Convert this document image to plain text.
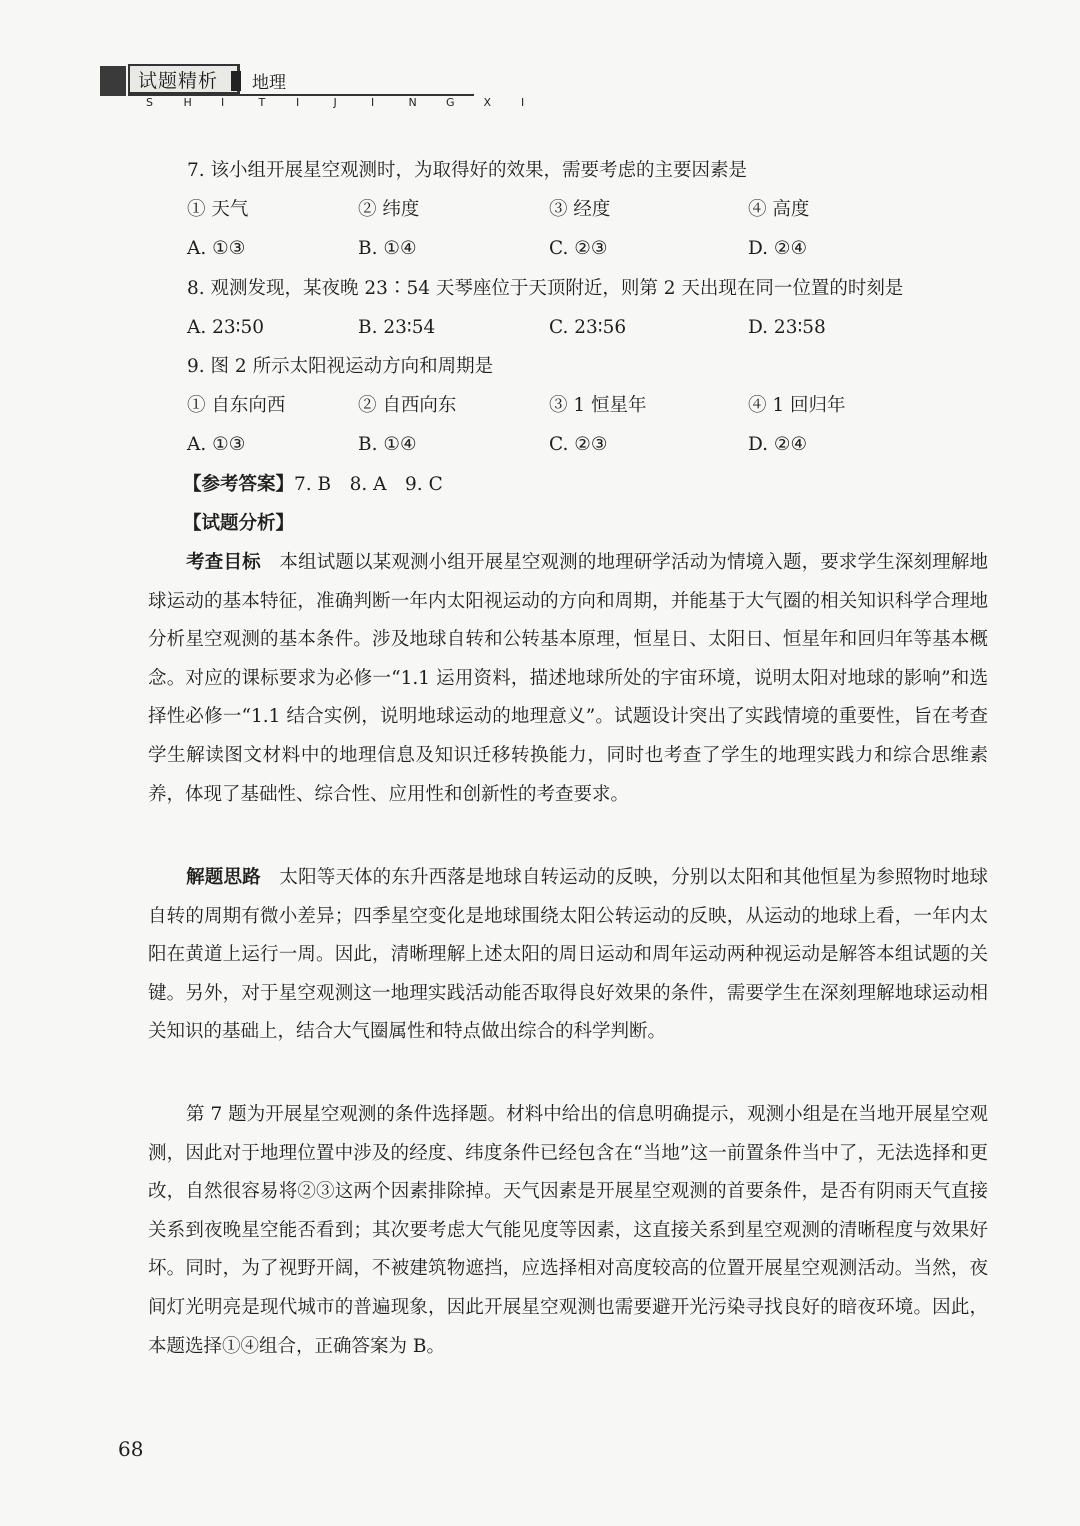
试题精析 地理
S	H	I	T	I	J	I	N	G	X	I
7. 该小组开展星空观测时，为取得好的效果，需要考虑的主要因素是
① 天气	② 纬度	③ 经度	④ 高度
A. ①③	B. ①④	C. ②③	D. ②④
8. 观测发现，某夜晚 23∶54 天琴座位于天顶附近，则第 2 天出现在同一位置的时刻是
A. 23∶50	B. 23∶54	C. 23∶56	D. 23∶58
9. 图 2 所示太阳视运动方向和周期是
① 自东向西	② 自西向东	③ 1 恒星年	④ 1 回归年
A. ①③	B. ①④	C. ②③	D. ②④
【参考答案】7. B　8. A　9. C
【试题分析】
考查目标　 本组试题以某观测小组开展星空观测的地理研学活动为情境入题，要求学生深刻理解地球运动的基本特征，准确判断一年内太阳视运动的方向和周期，并能基于大气圈的相关知识科学合理地分析星空观测的基本条件。涉及地球自转和公转基本原理，恒星日、太阳日、恒星年和回归年等基本概念。对应的课标要求为必修一“1.1 运用资料，描述地球所处的宇宙环境，说明太阳对地球的影响”和选择性必修一“1.1 结合实例，说明地球运动的地理意义”。试题设计突出了实践情境的重要性，旨在考查学生解读图文材料中的地理信息及知识迁移转换能力，同时也考查了学生的地理实践力和综合思维素养，体现了基础性、综合性、应用性和创新性的考查要求。
解题思路　 太阳等天体的东升西落是地球自转运动的反映，分别以太阳和其他恒星为参照物时地球自转的周期有微小差异；四季星空变化是地球围绕太阳公转运动的反映，从运动的地球上看，一年内太阳在黄道上运行一周。因此，清晰理解上述太阳的周日运动和周年运动两种视运动是解答本组试题的关键。另外，对于星空观测这一地理实践活动能否取得良好效果的条件，需要学生在深刻理解地球运动相关知识的基础上，结合大气圈属性和特点做出综合的科学判断。
第 7 题为开展星空观测的条件选择题。材料中给出的信息明确提示，观测小组是在当地开展星空观测，因此对于地理位置中涉及的经度、纬度条件已经包含在“当地”这一前置条件当中了，无法选择和更改，自然很容易将②③这两个因素排除掉。天气因素是开展星空观测的首要条件，是否有阴雨天气直接关系到夜晚星空能否看到；其次要考虑大气能见度等因素，这直接关系到星空观测的清晰程度与效果好坏。同时，为了视野开阔，不被建筑物遮挡，应选择相对高度较高的位置开展星空观测活动。当然，夜间灯光明亮是现代城市的普遍现象，因此开展星空观测也需要避开光污染寻找良好的暗夜环境。因此，本题选择①④组合，正确答案为 B。
68
